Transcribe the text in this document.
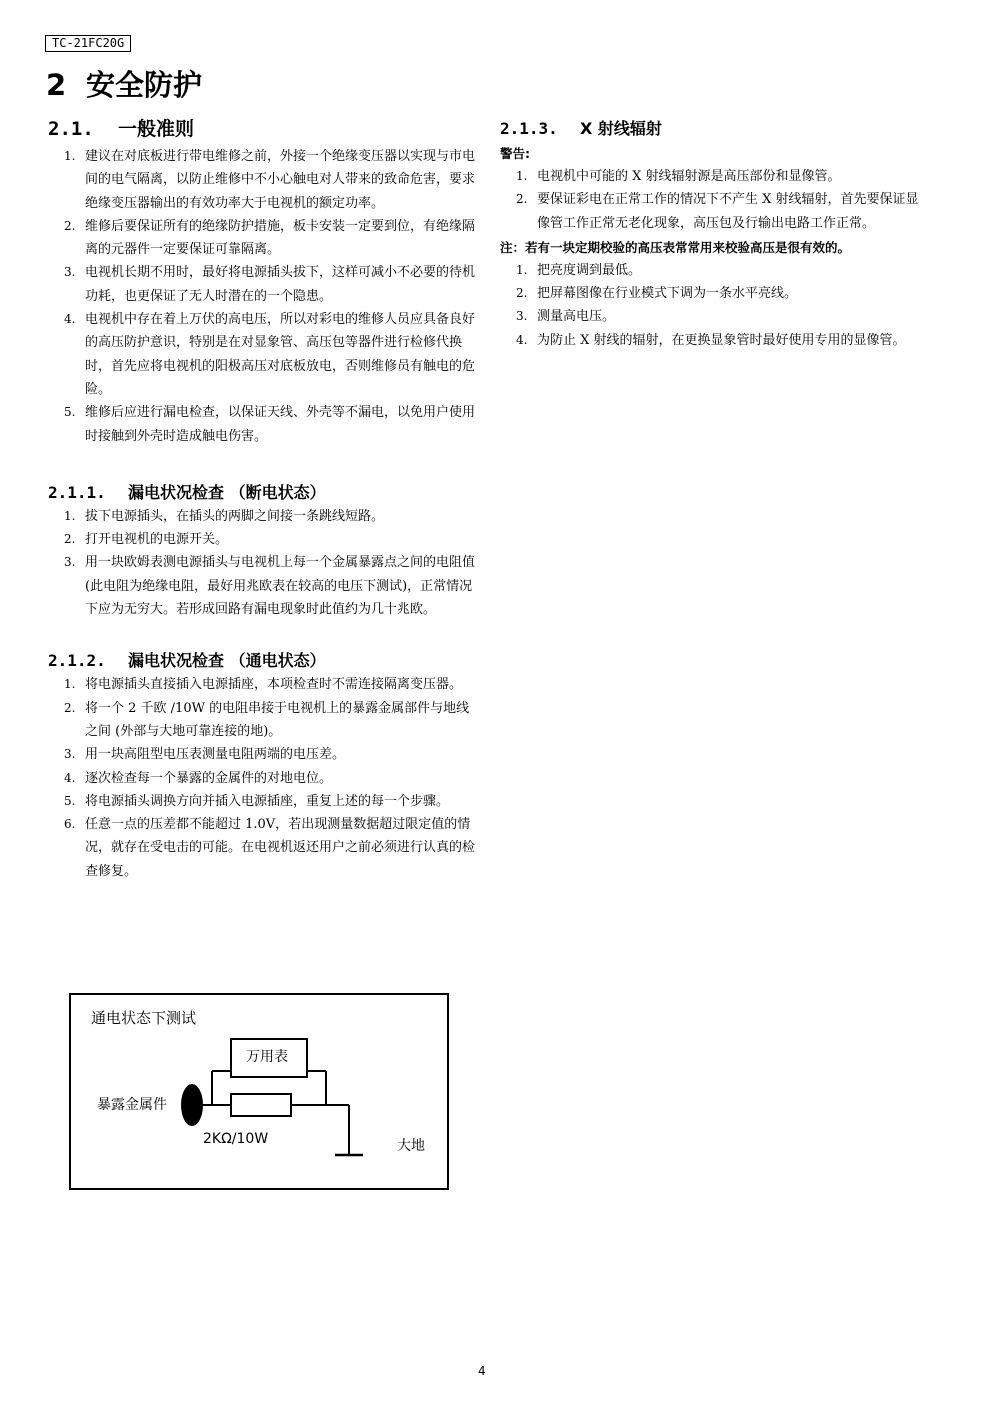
TC-21FC20G
2 安全防护
2.1. 一般准则
1. 建议在对底板进行带电维修之前，外接一个绝缘变压器以实现与市电间的电气隔离，以防止维修中不小心触电对人带来的致命危害，要求绝缘变压器输出的有效功率大于电视机的额定功率。
2. 维修后要保证所有的绝缘防护措施，板卡安装一定要到位，有绝缘隔离的元器件一定要保证可靠隔离。
3. 电视机长期不用时，最好将电源插头拔下，这样可减小不必要的待机功耗，也更保证了无人时潜在的一个隐患。
4. 电视机中存在着上万伏的高电压，所以对彩电的维修人员应具备良好的高压防护意识，特别是在对显象管、高压包等器件进行检修代换时，首先应将电视机的阳极高压对底板放电，否则维修员有触电的危险。
5. 维修后应进行漏电检查，以保证天线、外壳等不漏电，以免用户使用时接触到外壳时造成触电伤害。
2.1.1. 漏电状况检查 （断电状态）
1. 拔下电源插头，在插头的两脚之间接一条跳线短路。
2. 打开电视机的电源开关。
3. 用一块欧姆表测电源插头与电视机上每一个金属暴露点之间的电阻值 (此电阻为绝缘电阻，最好用兆欧表在较高的电压下测试)，正常情况下应为无穷大。若形成回路有漏电现象时此值约为几十兆欧。
2.1.2. 漏电状况检查 （通电状态）
1. 将电源插头直接插入电源插座，本项检查时不需连接隔离变压器。
2. 将一个 2 千欧 /10W 的电阻串接于电视机上的暴露金属部件与地线之间 (外部与大地可靠连接的地)。
3. 用一块高阻型电压表测量电阻两端的电压差。
4. 逐次检查每一个暴露的金属件的对地电位。
5. 将电源插头调换方向并插入电源插座，重复上述的每一个步骤。
6. 任意一点的压差都不能超过 1.0V，若出现测量数据超过限定值的情况，就存在受电击的可能。在电视机返还用户之前必须进行认真的检查修复。
通电状态下测试
万用表
暴露金属件
2KΩ/10W	大地
2.1.3. X 射线辐射
警告:
1. 电视机中可能的 X 射线辐射源是高压部份和显像管。
2. 要保证彩电在正常工作的情况下不产生 X 射线辐射，首先要保证显像管工作正常无老化现象，高压包及行输出电路工作正常。
注：若有一块定期校验的高压表常常用来校验高压是很有效的。
1. 把亮度调到最低。
2. 把屏幕图像在行业模式下调为一条水平亮线。
3. 测量高电压。
4. 为防止 X 射线的辐射，在更换显象管时最好使用专用的显像管。
4
